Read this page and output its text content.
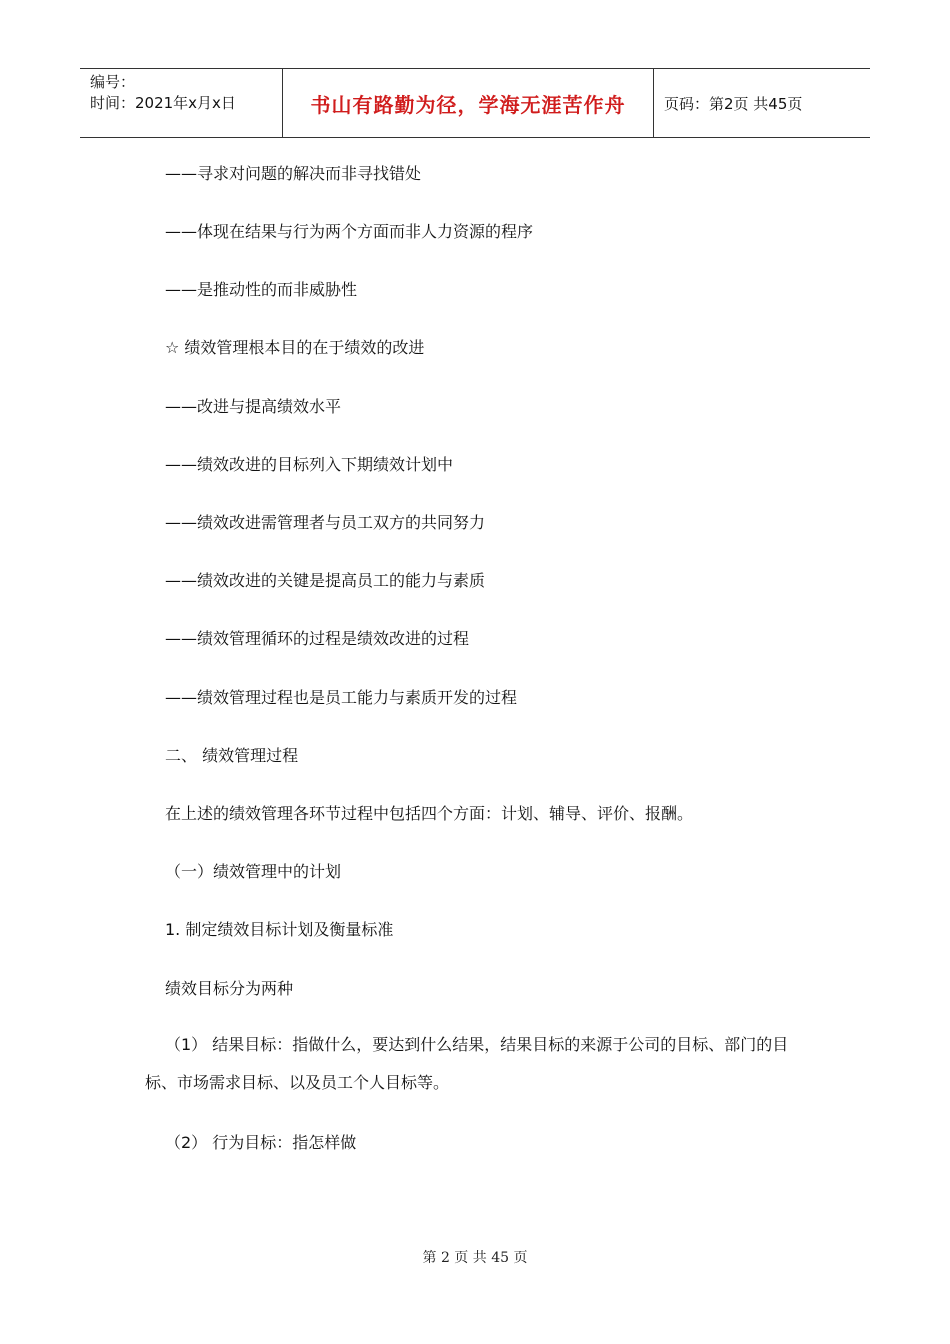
编号：
时间：2021年x月x日	书山有路勤为径，学海无涯苦作舟	页码：第2页 共45页
——寻求对问题的解决而非寻找错处
——体现在结果与行为两个方面而非人力资源的程序
——是推动性的而非威胁性
☆ 绩效管理根本目的在于绩效的改进
——改进与提高绩效水平
——绩效改进的目标列入下期绩效计划中
——绩效改进需管理者与员工双方的共同努力
——绩效改进的关键是提高员工的能力与素质
——绩效管理循环的过程是绩效改进的过程
——绩效管理过程也是员工能力与素质开发的过程
二、 绩效管理过程
在上述的绩效管理各环节过程中包括四个方面：计划、辅导、评价、报酬。
（一）绩效管理中的计划
1. 制定绩效目标计划及衡量标准
绩效目标分为两种
（1） 结果目标：指做什么，要达到什么结果，结果目标的来源于公司的目标、部门的目标、市场需求目标、以及员工个人目标等。
（2） 行为目标：指怎样做
第 2 页 共 45 页
